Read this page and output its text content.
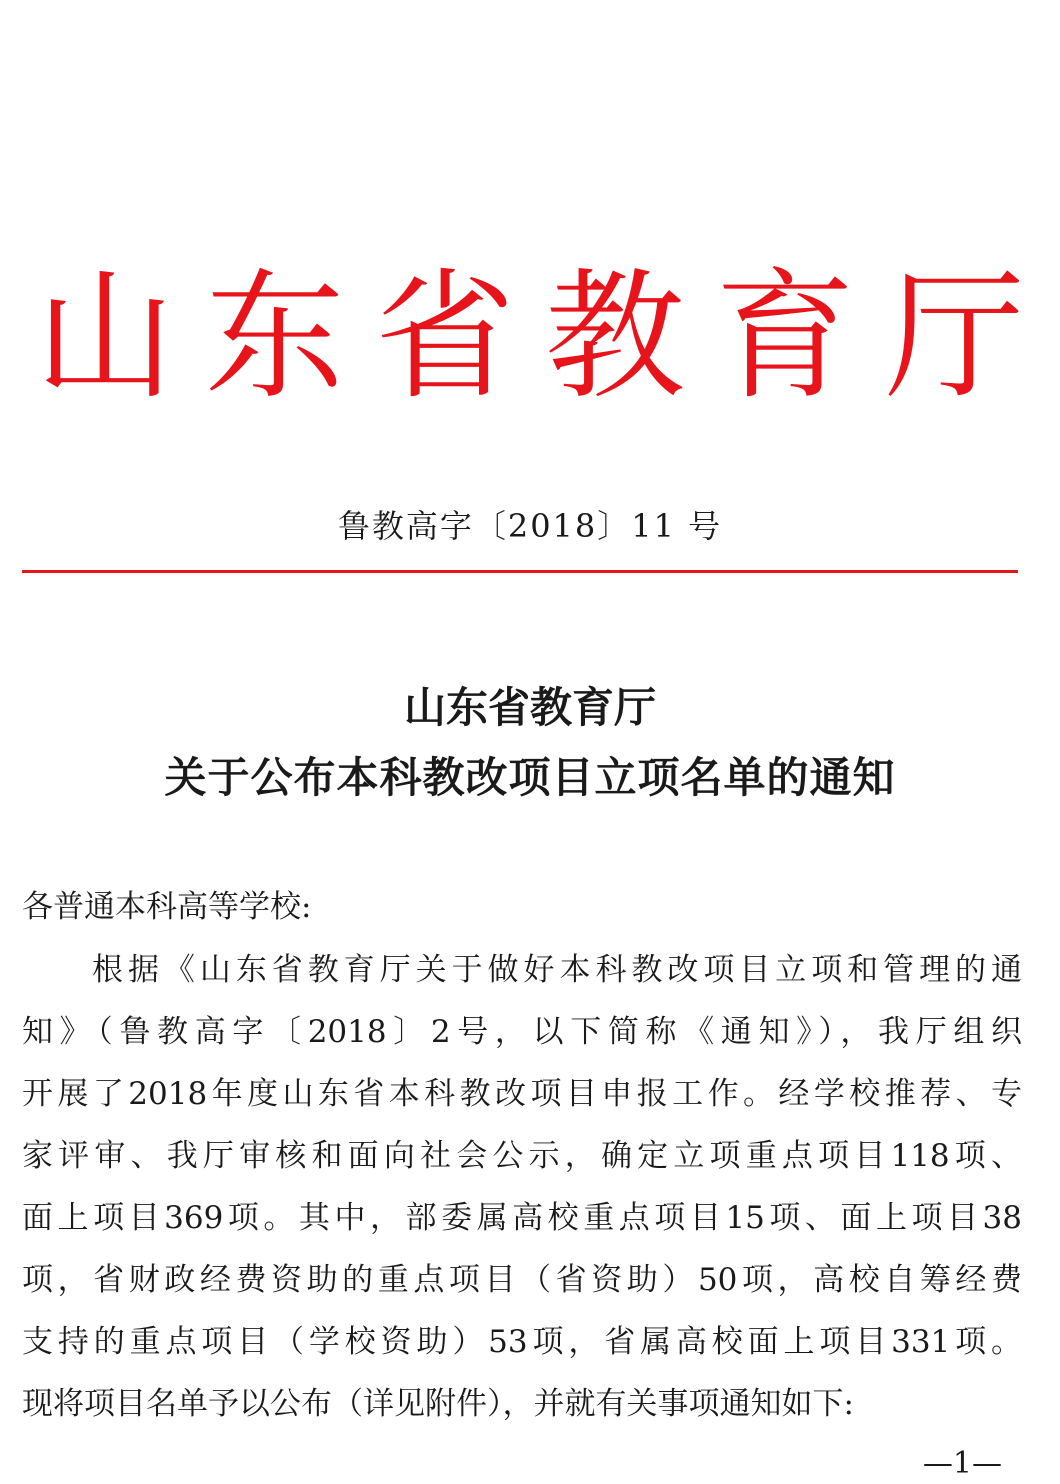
山东省教育厅
鲁教高字〔2018〕11 号
山东省教育厅
关于公布本科教改项目立项名单的通知
各普通本科高等学校:
根据《山东省教育厅关于做好本科教改项目立项和管理的通
知》（鲁教高字〔2018〕2号，以下简称《通知》），我厅组织
开展了2018年度山东省本科教改项目申报工作。经学校推荐、专
家评审、我厅审核和面向社会公示，确定立项重点项目118项、
面上项目369项。其中，部委属高校重点项目15项、面上项目38
项，省财政经费资助的重点项目（省资助）50项，高校自筹经费
支持的重点项目（学校资助）53项，省属高校面上项目331项。
现将项目名单予以公布（详见附件），并就有关事项通知如下:
—1—
